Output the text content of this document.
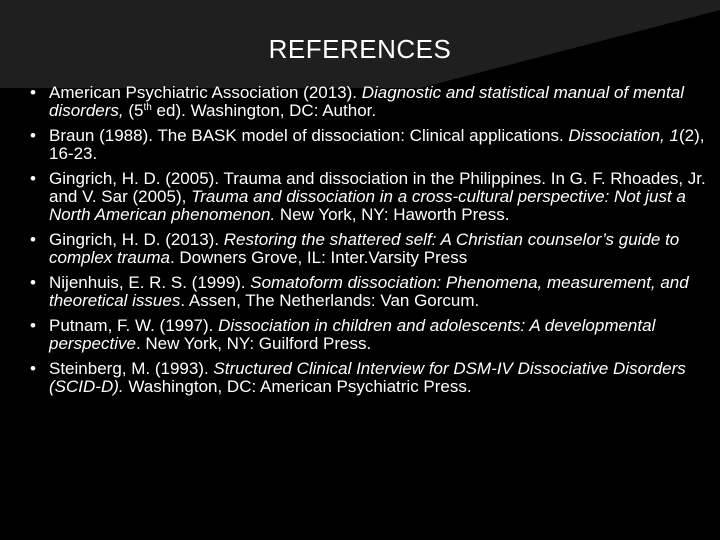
REFERENCES
• American Psychiatric Association (2013). Diagnostic and statistical manual of mental disorders, (5th ed). Washington, DC: Author.
• Braun (1988). The BASK model of dissociation: Clinical applications. Dissociation, 1(2), 16-23.
• Gingrich, H. D. (2005). Trauma and dissociation in the Philippines. In G. F. Rhoades, Jr. and V. Sar (2005), Trauma and dissociation in a cross-cultural perspective: Not just a North American phenomenon. New York, NY: Haworth Press.
• Gingrich, H. D. (2013). Restoring the shattered self: A Christian counselor’s guide to complex trauma. Downers Grove, IL: Inter.Varsity Press
• Nijenhuis, E. R. S. (1999). Somatoform dissociation: Phenomena, measurement, and theoretical issues. Assen, The Netherlands: Van Gorcum.
• Putnam, F. W. (1997). Dissociation in children and adolescents: A developmental perspective. New York, NY: Guilford Press.
• Steinberg, M. (1993). Structured Clinical Interview for DSM-IV Dissociative Disorders (SCID-D). Washington, DC: American Psychiatric Press.
